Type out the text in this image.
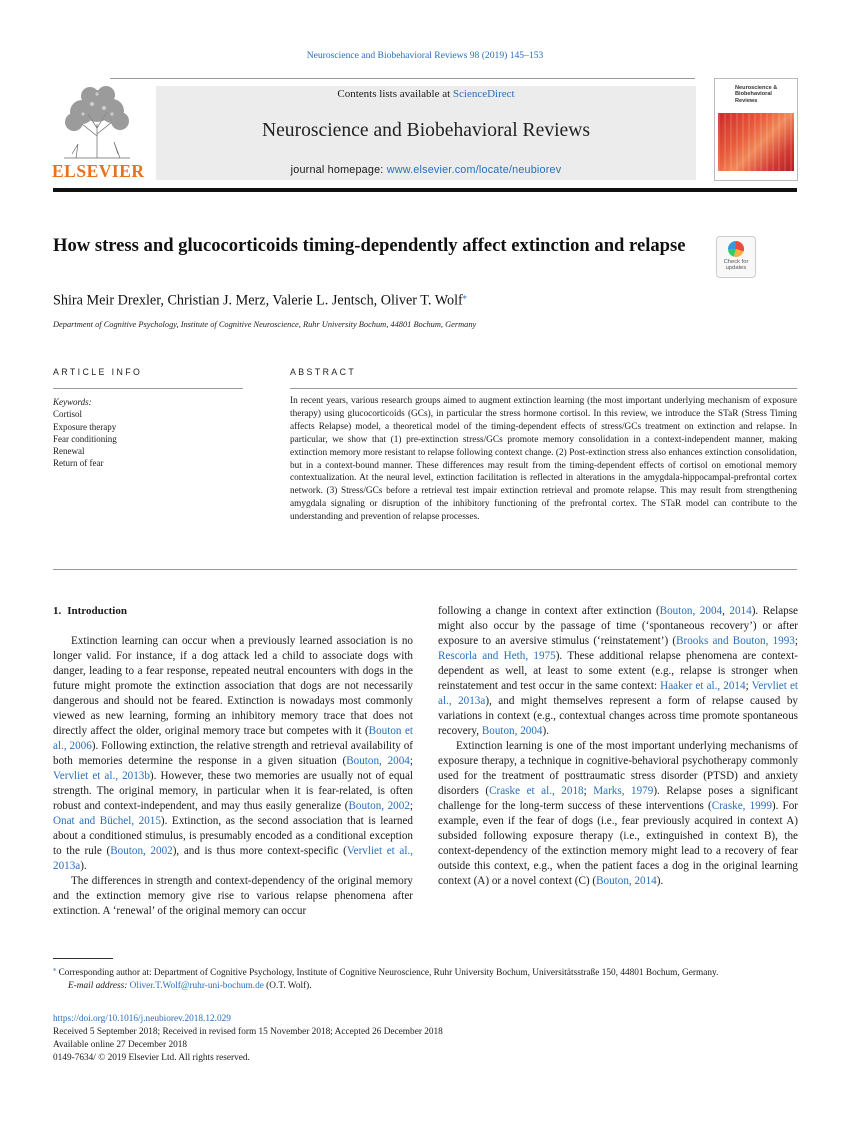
Neuroscience and Biobehavioral Reviews 98 (2019) 145–153
ELSEVIER
Contents lists available at ScienceDirect
Neuroscience and Biobehavioral Reviews
journal homepage: www.elsevier.com/locate/neubiorev
Neuroscience & Biobehavioral Reviews
How stress and glucocorticoids timing-dependently affect extinction and relapse
Check for updates
Shira Meir Drexler, Christian J. Merz, Valerie L. Jentsch, Oliver T. Wolf⁎
Department of Cognitive Psychology, Institute of Cognitive Neuroscience, Ruhr University Bochum, 44801 Bochum, Germany
ARTICLE INFO	ABSTRACT
Keywords:
Cortisol
Exposure therapy
Fear conditioning
Renewal
Return of fear
In recent years, various research groups aimed to augment extinction learning (the most important underlying mechanism of exposure therapy) using glucocorticoids (GCs), in particular the stress hormone cortisol. In this review, we introduce the STaR (Stress Timing affects Relapse) model, a theoretical model of the timing-dependent effects of stress/GCs treatment on extinction and relapse. In particular, we show that (1) pre-extinction stress/GCs promote memory consolidation in a context-independent manner, making extinction memory more resistant to relapse following context change. (2) Post-extinction stress also enhances extinction consolidation, but in a context-bound manner. These differences may result from the timing-dependent effects of cortisol on emotional memory contextualization. At the neural level, extinction facilitation is reflected in alterations in the amygdala-hippocampal-prefrontal cortex network. (3) Stress/GCs before a retrieval test impair extinction retrieval and promote relapse. This may result from strengthening amygdala signaling or disruption of the inhibitory functioning of the prefrontal cortex. The STaR model can contribute to the understanding and prevention of relapse processes.
1. Introduction

Extinction learning can occur when a previously learned association is no longer valid. For instance, if a dog attack led a child to associate dogs with danger, leading to a fear response, repeated neutral encounters with dogs in the future might promote the extinction association that dogs are not necessarily dangerous and should not be feared. Extinction is nowadays most commonly viewed as new learning, forming an inhibitory memory trace that does not directly affect the older, original memory trace but competes with it (Bouton et al., 2006). Following extinction, the relative strength and retrieval availability of both memories determine the response in a given situation (Bouton, 2004; Vervliet et al., 2013b). However, these two memories are usually not of equal strength. The original memory, in particular when it is fear-related, is often robust and context-independent, and may thus easily generalize (Bouton, 2002; Onat and Büchel, 2015). Extinction, as the second association that is learned about a conditioned stimulus, is presumably encoded as a conditional exception to the rule (Bouton, 2002), and is thus more context-specific (Vervliet et al., 2013a).

The differences in strength and context-dependency of the original memory and the extinction memory give rise to various relapse phenomena after extinction. A ‘renewal’ of the original memory can occur

following a change in context after extinction (Bouton, 2004, 2014). Relapse might also occur by the passage of time (‘spontaneous recovery’) or after exposure to an aversive stimulus (‘reinstatement’) (Brooks and Bouton, 1993; Rescorla and Heth, 1975). These additional relapse phenomena are context-dependent as well, at least to some extent (e.g., relapse is stronger when reinstatement and test occur in the same context: Haaker et al., 2014; Vervliet et al., 2013a), and might themselves represent a form of relapse caused by variations in context (e.g., contextual changes across time promote spontaneous recovery, Bouton, 2004).

Extinction learning is one of the most important underlying mechanisms of exposure therapy, a technique in cognitive-behavioral psychotherapy commonly used for the treatment of posttraumatic stress disorder (PTSD) and anxiety disorders (Craske et al., 2018; Marks, 1979). Relapse poses a significant challenge for the long-term success of these interventions (Craske, 1999). For example, even if the fear of dogs (i.e., fear previously acquired in context A) subsided following exposure therapy (i.e., extinguished in context B), the context-dependency of the extinction memory might lead to a recovery of fear outside this context, e.g., when the patient faces a dog in the original learning context (A) or a novel context (C) (Bouton, 2014).

⁎ Corresponding author at: Department of Cognitive Psychology, Institute of Cognitive Neuroscience, Ruhr University Bochum, Universitätsstraße 150, 44801 Bochum, Germany.
E-mail address: Oliver.T.Wolf@ruhr-uni-bochum.de (O.T. Wolf).
https://doi.org/10.1016/j.neubiorev.2018.12.029
Received 5 September 2018; Received in revised form 15 November 2018; Accepted 26 December 2018
Available online 27 December 2018
0149-7634/ © 2019 Elsevier Ltd. All rights reserved.
